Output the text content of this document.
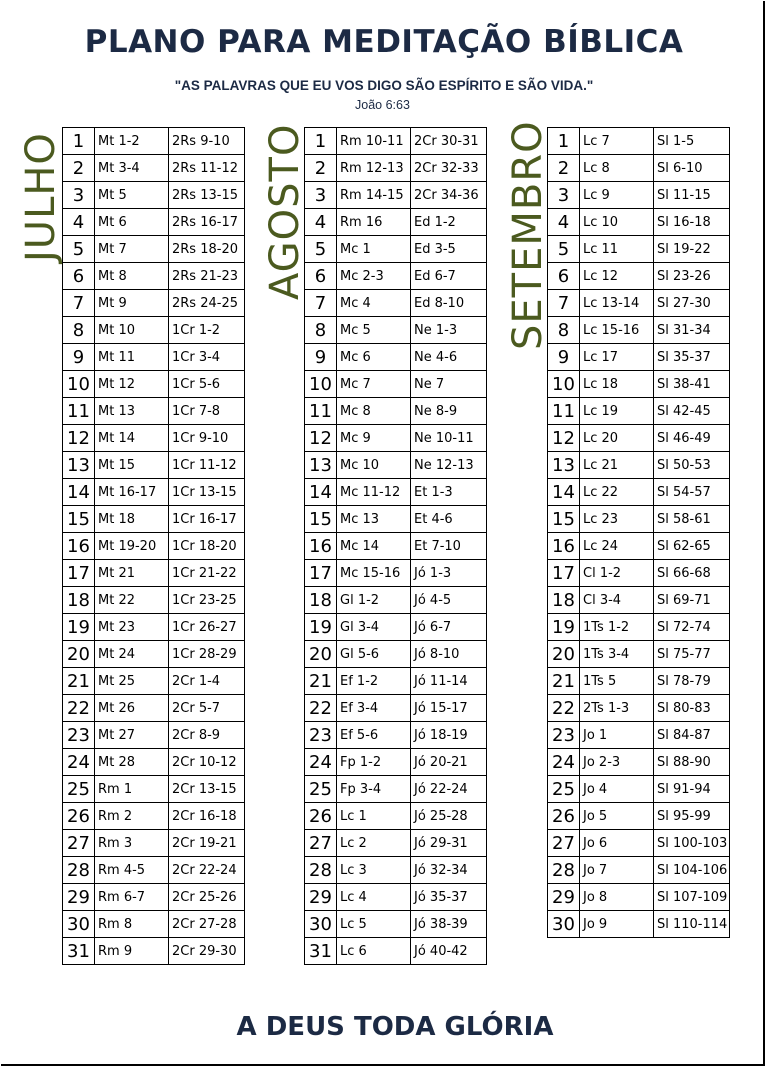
PLANO PARA MEDITAÇÃO BÍBLICA
"AS PALAVRAS QUE EU VOS DIGO SÃO ESPÍRITO E SÃO VIDA."
João 6:63
JULHO	AGOSTO	SETEMBRO
1	Mt 1-2	2Rs 9-10
2	Mt 3-4	2Rs 11-12
3	Mt 5	2Rs 13-15
4	Mt 6	2Rs 16-17
5	Mt 7	2Rs 18-20
6	Mt 8	2Rs 21-23
7	Mt 9	2Rs 24-25
8	Mt 10	1Cr 1-2
9	Mt 11	1Cr 3-4
10	Mt 12	1Cr 5-6
11	Mt 13	1Cr 7-8
12	Mt 14	1Cr 9-10
13	Mt 15	1Cr 11-12
14	Mt 16-17	1Cr 13-15
15	Mt 18	1Cr 16-17
16	Mt 19-20	1Cr 18-20
17	Mt 21	1Cr 21-22
18	Mt 22	1Cr 23-25
19	Mt 23	1Cr 26-27
20	Mt 24	1Cr 28-29
21	Mt 25	2Cr 1-4
22	Mt 26	2Cr 5-7
23	Mt 27	2Cr 8-9
24	Mt 28	2Cr 10-12
25	Rm 1	2Cr 13-15
26	Rm 2	2Cr 16-18
27	Rm 3	2Cr 19-21
28	Rm 4-5	2Cr 22-24
29	Rm 6-7	2Cr 25-26
30	Rm 8	2Cr 27-28
31	Rm 9	2Cr 29-30
1	Rm 10-11	2Cr 30-31
2	Rm 12-13	2Cr 32-33
3	Rm 14-15	2Cr 34-36
4	Rm 16	Ed 1-2
5	Mc 1	Ed 3-5
6	Mc 2-3	Ed 6-7
7	Mc 4	Ed 8-10
8	Mc 5	Ne 1-3
9	Mc 6	Ne 4-6
10	Mc 7	Ne 7
11	Mc 8	Ne 8-9
12	Mc 9	Ne 10-11
13	Mc 10	Ne 12-13
14	Mc 11-12	Et 1-3
15	Mc 13	Et 4-6
16	Mc 14	Et 7-10
17	Mc 15-16	Jó 1-3
18	Gl 1-2	Jó 4-5
19	Gl 3-4	Jó 6-7
20	Gl 5-6	Jó 8-10
21	Ef 1-2	Jó 11-14
22	Ef 3-4	Jó 15-17
23	Ef 5-6	Jó 18-19
24	Fp 1-2	Jó 20-21
25	Fp 3-4	Jó 22-24
26	Lc 1	Jó 25-28
27	Lc 2	Jó 29-31
28	Lc 3	Jó 32-34
29	Lc 4	Jó 35-37
30	Lc 5	Jó 38-39
31	Lc 6	Jó 40-42
1	Lc 7	Sl 1-5
2	Lc 8	Sl 6-10
3	Lc 9	Sl 11-15
4	Lc 10	Sl 16-18
5	Lc 11	Sl 19-22
6	Lc 12	Sl 23-26
7	Lc 13-14	Sl 27-30
8	Lc 15-16	Sl 31-34
9	Lc 17	Sl 35-37
10	Lc 18	Sl 38-41
11	Lc 19	Sl 42-45
12	Lc 20	Sl 46-49
13	Lc 21	Sl 50-53
14	Lc 22	Sl 54-57
15	Lc 23	Sl 58-61
16	Lc 24	Sl 62-65
17	Cl 1-2	Sl 66-68
18	Cl 3-4	Sl 69-71
19	1Ts 1-2	Sl 72-74
20	1Ts 3-4	Sl 75-77
21	1Ts 5	Sl 78-79
22	2Ts 1-3	Sl 80-83
23	Jo 1	Sl 84-87
24	Jo 2-3	Sl 88-90
25	Jo 4	Sl 91-94
26	Jo 5	Sl 95-99
27	Jo 6	Sl 100-103
28	Jo 7	Sl 104-106
29	Jo 8	Sl 107-109
30	Jo 9	Sl 110-114
A DEUS TODA GLÓRIA
